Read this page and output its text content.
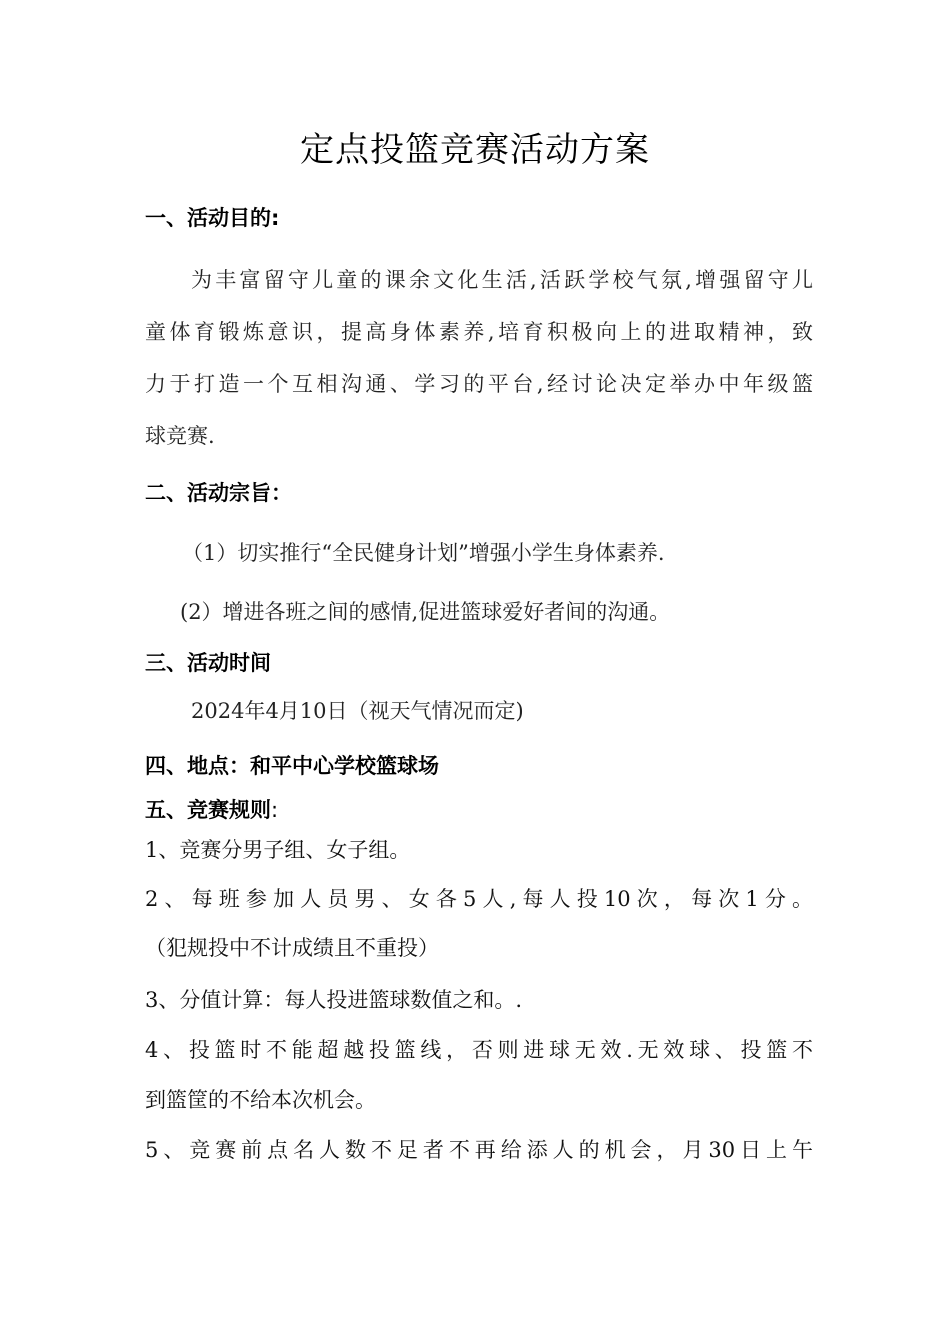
定点投篮竞赛活动方案
一、活动目的:
为丰富留守儿童的课余文化生活,活跃学校气氛,增强留守儿
童体育锻炼意识，提高身体素养,培育积极向上的进取精神，致
力于打造一个互相沟通、学习的平台,经讨论决定举办中年级篮
球竞赛.
二、活动宗旨：
（1）切实推行“全民健身计划”增强小学生身体素养.
(2）增进各班之间的感情,促进篮球爱好者间的沟通。
三、活动时间
2024年4月10日（视天气情况而定)
四、地点：和平中心学校篮球场
五、竞赛规则:
1、竞赛分男子组、女子组。
2、每班参加人员男、女各5人,每人投10次，每次1分。
（犯规投中不计成绩且不重投）
3、分值计算：每人投进篮球数值之和。.
4、投篮时不能超越投篮线，否则进球无效.无效球、投篮不
到篮筐的不给本次机会。
5、竞赛前点名人数不足者不再给添人的机会，月30日上午
